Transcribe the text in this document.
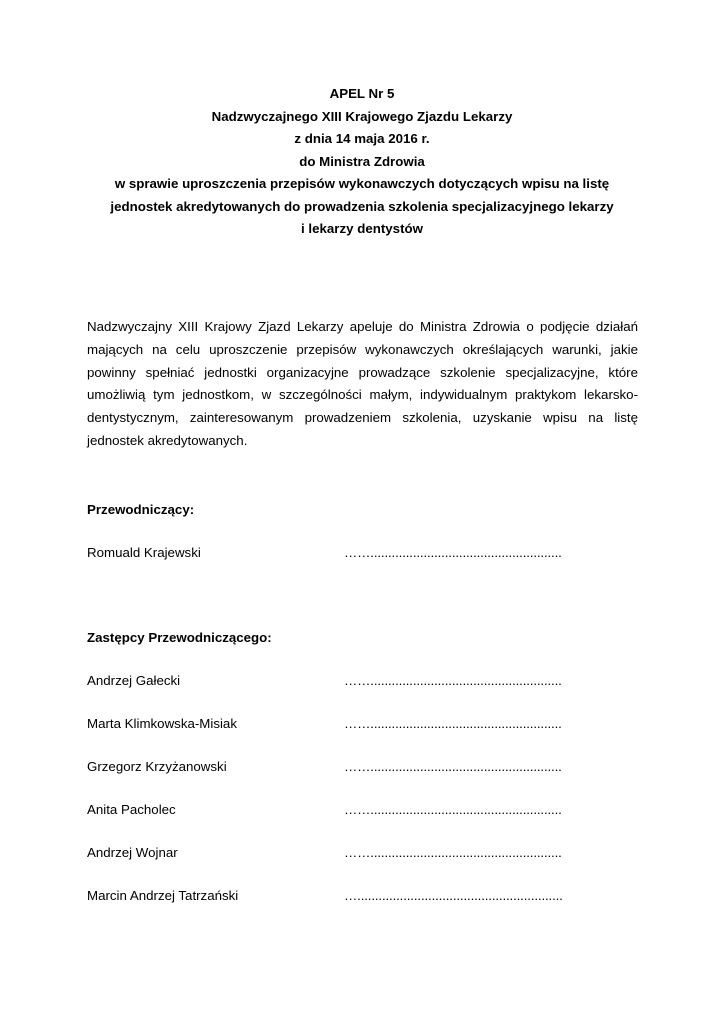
APEL Nr 5
Nadzwyczajnego XIII Krajowego Zjazdu Lekarzy
z dnia 14 maja 2016 r.
do Ministra Zdrowia
w sprawie uproszczenia przepisów wykonawczych dotyczących wpisu na listę
jednostek akredytowanych do prowadzenia szkolenia specjalizacyjnego lekarzy
i lekarzy dentystów
Nadzwyczajny XIII Krajowy Zjazd Lekarzy apeluje do Ministra Zdrowia o podjęcie działań mających na celu uproszczenie przepisów wykonawczych określających warunki, jakie powinny spełniać jednostki organizacyjne prowadzące szkolenie specjalizacyjne, które umożliwią tym jednostkom, w szczególności małym, indywidualnym praktykom lekarsko-dentystycznym, zainteresowanym prowadzeniem szkolenia, uzyskanie wpisu na listę jednostek akredytowanych.
Przewodniczący:
Romuald Krajewski	……......................................................
Zastępcy Przewodniczącego:
Andrzej Gałecki	……......................................................
Marta Klimkowska-Misiak	……......................................................
Grzegorz Krzyżanowski	……......................................................
Anita Pacholec	……......................................................
Andrzej Wojnar	……......................................................
Marcin Andrzej Tatrzański	…..........................................................
